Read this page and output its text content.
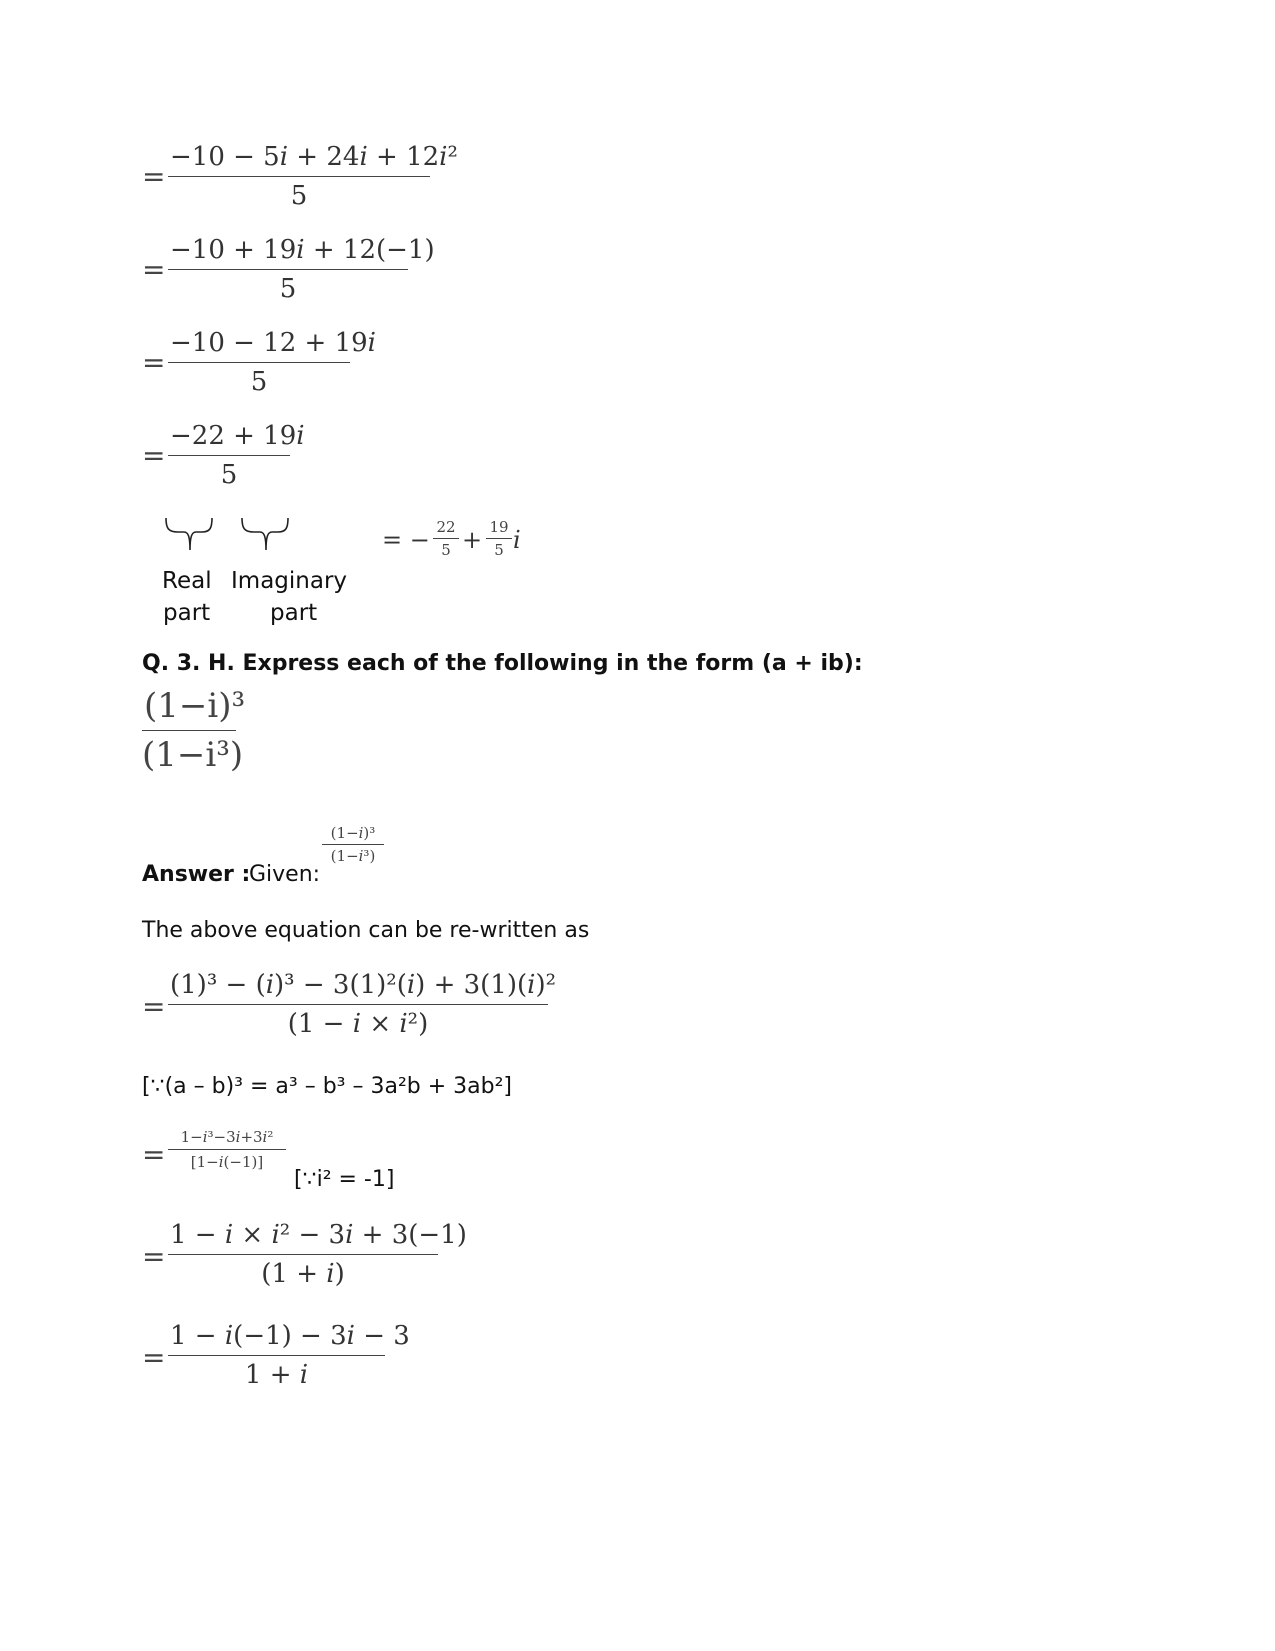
=
−10 − 5𝑖 + 24𝑖 + 12𝑖²
5
=
−10 + 19𝑖 + 12(−1)
5
=
−10 − 12 + 19𝑖
5
=
−22 + 19𝑖
5
Real
part
Imaginary
part
= − 22
5 + 19
5 𝑖
Q. 3. H. Express each of the following in the form (a + ib):
(1−i)³
(1−i³)
Answer :
Given:
(1−𝑖)³
(1−𝑖³)
The above equation can be re-written as
=
(1)³ − (𝑖)³ − 3(1)²(𝑖) + 3(1)(𝑖)²
(1 − 𝑖 × 𝑖²)
[∵(a – b)³ = a³ – b³ – 3a²b + 3ab²]
=
1−𝑖³−3𝑖+3𝑖²
[1−𝑖(−1)]
[∵i² = -1]
=
1 − 𝑖 × 𝑖² − 3𝑖 + 3(−1)
(1 + 𝑖)
=
1 − 𝑖(−1) − 3𝑖 − 3
1 + 𝑖
